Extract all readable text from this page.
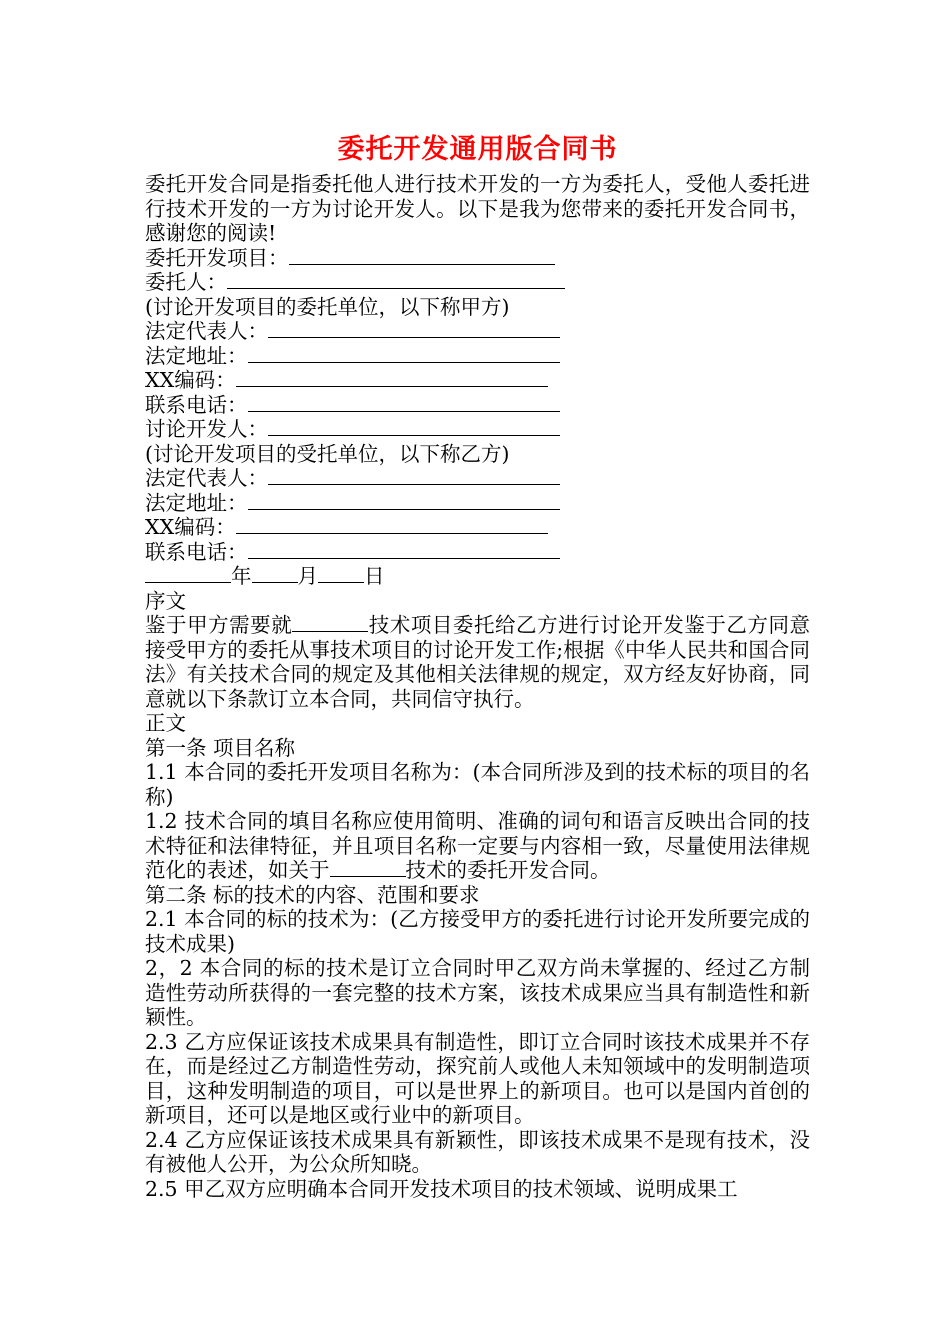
委托开发通用版合同书

委托开发合同是指委托他人进行技术开发的一方为委托人，受他人委托进行技术开发的一方为讨论开发人。以下是我为您带来的委托开发合同书，感谢您的阅读!

委托开发项目：

委托人：

(讨论开发项目的委托单位，以下称甲方)

法定代表人：

法定地址：

XX编码：

联系电话：

讨论开发人：

(讨论开发项目的受托单位，以下称乙方)

法定代表人：

法定地址：

XX编码：

联系电话：

年 月 日

序文

鉴于甲方需要就	技术项目委托给乙方进行讨论开发鉴于乙方同意接受甲方的委托从事技术项目的讨论开发工作;根据《中华人民共和国合同法》有关技术合同的规定及其他相关法律规的规定，双方经友好协商，同意就以下条款订立本合同，共同信守执行。

正文

第一条 项目名称

1.1 本合同的委托开发项目名称为：(本合同所涉及到的技术标的项目的名称)

1.2 技术合同的填目名称应使用简明、准确的词句和语言反映出合同的技术特征和法律特征，并且项目名称一定要与内容相一致，尽量使用法律规范化的表述，如关于	技术的委托开发合同。

第二条 标的技术的内容、范围和要求

2.1 本合同的标的技术为：(乙方接受甲方的委托进行讨论开发所要完成的技术成果)

2，2 本合同的标的技术是订立合同时甲乙双方尚未掌握的、经过乙方制造性劳动所获得的一套完整的技术方案，该技术成果应当具有制造性和新颖性。

2.3 乙方应保证该技术成果具有制造性，即订立合同时该技术成果并不存在，而是经过乙方制造性劳动，探究前人或他人未知领域中的发明制造项目，这种发明制造的项目，可以是世界上的新项目。也可以是国内首创的新项目，还可以是地区或行业中的新项目。

2.4 乙方应保证该技术成果具有新颖性，即该技术成果不是现有技术，没有被他人公开，为公众所知晓。

2.5 甲乙双方应明确本合同开发技术项目的技术领域、说明成果工
